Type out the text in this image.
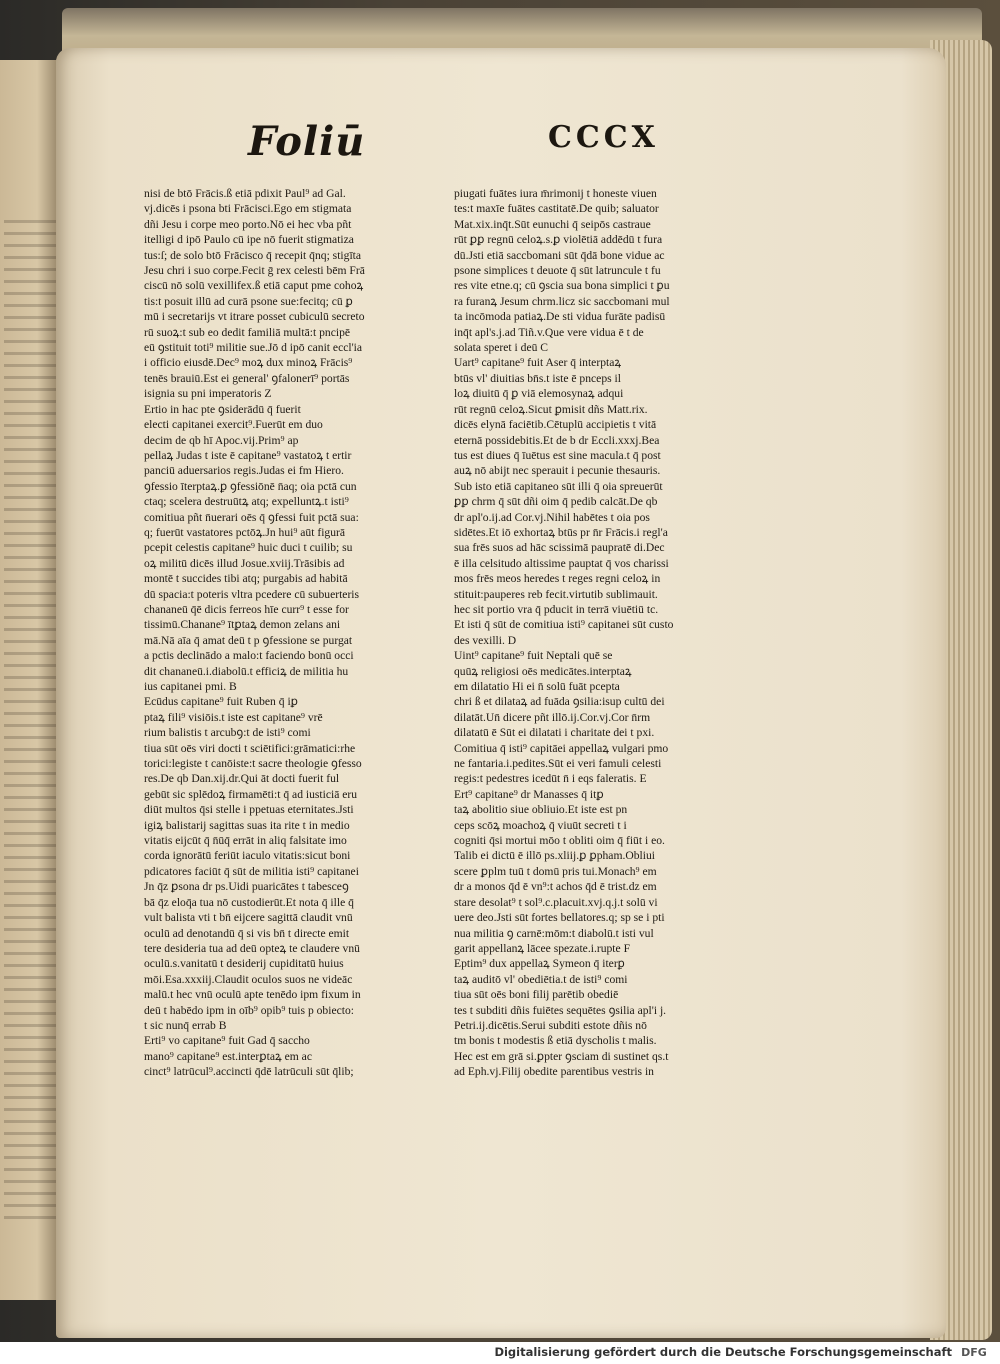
Foliū	CCCX
nisi de btō Frācis.ß etiā pdixit Paul⁹ ad Gal.
vj.dicēs i psona bti Frācisci.Ego em stigmata
dñi Jesu i corpe meo porto.Nō ei hec vba pñt
itelligi d ipō Paulo cū ipe nō fuerit stigmatiza
tus:ſ; de solo btō Frācisco q̄ recepit q̄nq; stigīta
Jesu chri i suo corpe.Fecit ḡ rex celesti bēm Frā
ciscū nō solū vexillifex.ß etiā caput pme cohoꝝ
tis:t posuit illū ad curā psone sue:fecitq; cū ꝑ
mū i secretarijs vt itrare posset cubiculū secreto
rū suoꝝ:t sub eo dedit familiā multā:t pncipē
eū ꝯstituit toti⁹ militie sue.Jō d ipō canit eccl'ia
i officio eiusdē.Dec⁹ moꝝ dux minoꝝ Frācis⁹
tenēs brauiū.Est ei general' ꝯfalonerī⁹ portās
isignia su pni imperatoris Z
Ertio in hac pte ꝯsiderādū q̄ fuerit
electi capitanei exercit⁹.Fuerūt em duo
decim de qb hī Apoc.vij.Prim⁹ ap
pellaꝝ Judas t iste ē capitane⁹ vastatoꝝ t ertir
panciū aduersarios regis.Judas ei fm Hiero.
ꝯfessio īterptaꝝ.ꝑ ꝯfessiōnē n̄aq; oia pctā cun
ctaq; scelera destruūtꝝ atq; expelluntꝝ.t isti⁹
comitiua pñt n̄uerari oēs q̄ ꝯfessi fuit pctā sua:
q; fuerūt vastatores pctōꝝ.Jn hui⁹ aūt figurā
pcepit celestis capitane⁹ huic duci t cuilib; su
oꝝ militū dicēs illud Josue.xviij.Trāsibis ad
montē t succides tibi atq; purgabis ad habitā
dū spacia:t poteris vltra pcedere cū subuerteris
chananeū q̄ē dicis ferreos hīe curr⁹ t esse for
tissimū.Chanane⁹ ītꝑtaꝝ demon zelans ani
mā.Nā aīa q̄ amat deū t p ꝯfessione se purgat
a pctis declinādo a malo:t faciendo bonū occi
dit chananeū.i.diabolū.t efficiꝝ de militia hu
ius capitanei pmi. B
Ecūdus capitane⁹ fuit Ruben q̄ iꝑ
ptaꝝ fili⁹ visiōis.t iste est capitane⁹ vrē
rium balistis t arcubꝯ:t de isti⁹ comi
tiua sūt oēs viri docti t sciētifici:grāmatici:rhe
torici:legiste t canōiste:t sacre theologie ꝯfesso
res.De qb Dan.xij.dr.Qui āt docti fuerit ful
gebūt sic splēdoꝝ firmamēti:t q̄ ad iusticiā eru
diūt multos q̄si stelle i ppetuas eternitates.Jsti
igiꝝ balistarij sagittas suas ita rite t in medio
vitatis eijcūt q̄ n̄ūq̄ errāt in aliq falsitate imo
corda ignorātū feriūt iaculo vitatis:sicut boni
pdicatores faciūt q̄ sūt de militia isti⁹ capitanei
Jn q̄z ꝑsona dr ps.Uidi puaricātes t tabesceꝯ
bā q̄z eloq̄a tua nō custodierūt.Et nota q̄ ille q̄
vult balista vti t bn̄ eijcere sagittā claudit vnū
oculū ad denotandū q̄ si vis bn̄ t directe emit
tere desideria tua ad deū opteꝝ te claudere vnū
oculū.s.vanitatū t desiderij cupiditatū huius
mōi.Esa.xxxiij.Claudit oculos suos ne videāc
malū.t hec vnū oculū apte tenēdo ipm fixum in
deū t habēdo ipm in oīb⁹ opib⁹ tuis p obiecto:
t sic nunq̄ errab B
Erti⁹ vo capitane⁹ fuit Gad q̄ saccho
mano⁹ capitane⁹ est.interꝑtaꝝ em ac
cinct⁹ latrūcul⁹.accincti q̄dē latrūculi sūt q̄lib;
piugati fuātes iura m̄rimonij t honeste viuen
tes:t maxīe fuātes castitatē.De quib; saluator
Mat.xix.inq̄t.Sūt eunuchi q̄ seipōs castraue
rūt ꝑꝑ regnū celoꝝ.s.ꝑ violētiā addēdū t fura
dū.Jsti etiā saccbomani sūt q̄dā bone vidue ac
psone simplices t deuote q̄ sūt latruncule t fu
res vite etne.q; cū ꝯscia sua bona simplici t ꝑu
ra furanꝝ Jesum chrm.licz sic saccbomani mul
ta incōmoda patiaꝝ.De sti vidua furāte padisū
inq̄t apl's.j.ad Tiñ.v.Que vere vidua ē t de
solata speret i deū C
Uart⁹ capitane⁹ fuit Aser q̄ interptaꝝ
btūs vl' diuitias bn̄s.t iste ē pnceps il
loꝝ diuitū q̄ ꝑ viā elemosynaꝝ adqui
rūt regnū celoꝝ.Sicut ꝑmisit dñs Matt.rix.
dicēs elynā faciētib.Cētuplū accipietis t vitā
eternā possidebitis.Et de b dr Eccli.xxxj.Bea
tus est diues q̄ īuētus est sine macula.t q̄ post
auꝝ nō abijt nec sperauit i pecunie thesauris.
Sub isto etiā capitaneo sūt illi q̄ oia spreuerūt
ꝑꝑ chrm q̄ sūt dñi oim q̄ pedib calcāt.De qb
dr apl'o.ij.ad Cor.vj.Nihil habētes t oia pos
sidētes.Et iō exhortaꝝ btūs pr n̄r Frācis.i regl'a
sua frēs suos ad hāc scissimā paupratē di.Dec
ē illa celsitudo altissime pauptat q̄ vos charissi
mos frēs meos heredes t reges regni celoꝝ in
stituit:pauperes reb fecit.virtutib sublimauit.
hec sit portio vra q̄ pducit in terrā viuētiū tc.
Et isti q̄ sūt de comitiua isti⁹ capitanei sūt custo
des vexilli. D
Uint⁹ capitane⁹ fuit Neptali quē se
quūꝝ religiosi oēs medicātes.interptaꝝ
em dilatatio Hi ei n̄ solū fuāt pcepta
chri ß et dilataꝝ ad fuāda ꝯsilia:isup cultū dei
dilatāt.Un̄ dicere pñt illō.ij.Cor.vj.Cor n̄rm
dilatatū ē Sūt ei dilatati i charitate dei t pxi.
Comitiua q̄ isti⁹ capitāei appellaꝝ vulgari pmo
ne fantaria.i.pedites.Sūt ei veri famuli celesti
regis:t pedestres icedūt n̄ i eqs faleratis. E
Ert⁹ capitane⁹ dr Manasses q̄ itꝑ
taꝝ abolitio siue obliuio.Et iste est pn
ceps scōꝝ moachoꝝ q̄ viuūt secreti t i
cogniti q̄si mortui mōo t obliti oim q̄ fiūt i eo.
Talib ei dictū ē illō ps.xliij.ꝑ ꝑpham.Obliui
scere ꝑplm tuū t domū pris tui.Monach⁹ em
dr a monos q̄d ē vn⁹:t achos q̄d ē trist.dz em
stare desolat⁹ t sol⁹.c.placuit.xvj.q.j.t solū vi
uere deo.Jsti sūt fortes bellatores.q; sp se i pti
nua militia ꝯ carnē:mōm:t diabolū.t isti vul
garit appellanꝝ lācee spezate.i.rupte F
Eptim⁹ dux appellaꝝ Symeon q̄ iterꝑ
taꝝ auditō vl' obediētia.t de isti⁹ comi
tiua sūt oēs boni filij parētib obediē
tes t subditi dñis fuiētes sequētes ꝯsilia apl'i j.
Petri.ij.dicētis.Serui subditi estote dñis nō
tm bonis t modestis ß etiā dyscholis t malis.
Hec est em grā si.ꝑpter ꝯsciam di sustinet qs.t
ad Eph.vj.Filij obedite parentibus vestris in
Digitalisierung gefördert durch die Deutsche Forschungsgemeinschaft DFG
